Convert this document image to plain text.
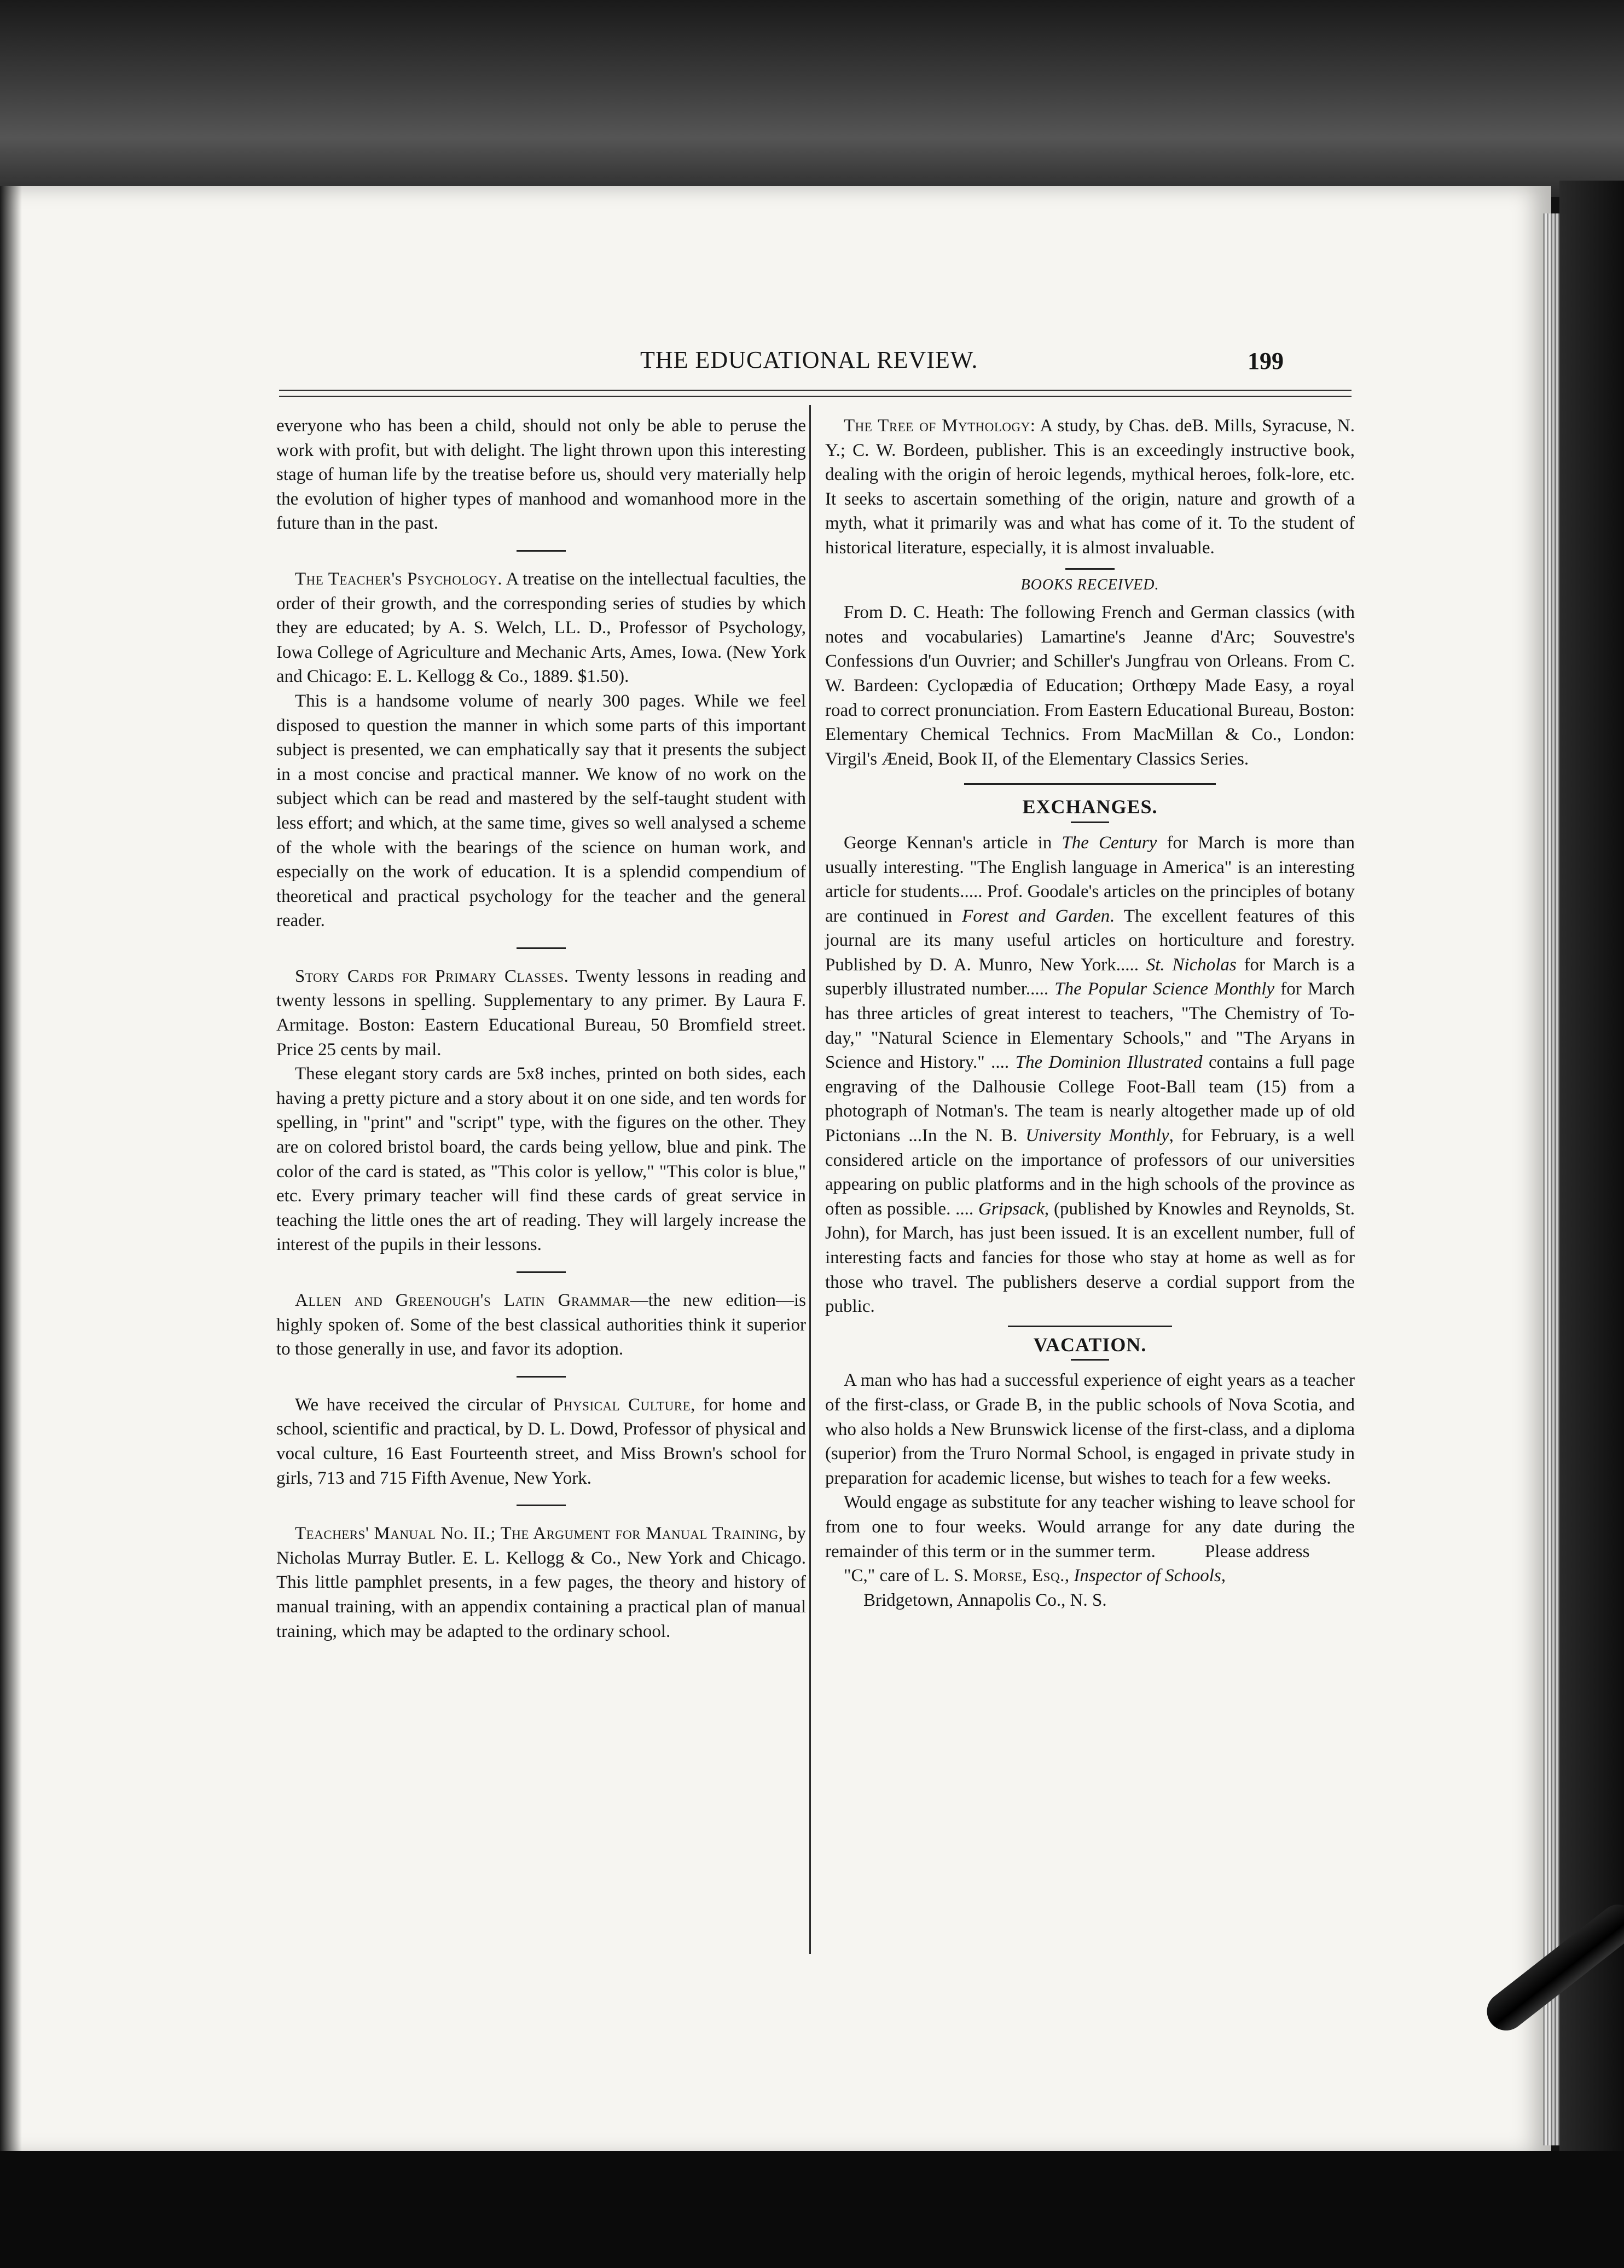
THE EDUCATIONAL REVIEW.	199

everyone who has been a child, should not only be able to peruse the work with profit, but with delight. The light thrown upon this interesting stage of human life by the treatise before us, should very materially help the evolution of higher types of manhood and womanhood more in the future than in the past.

The Teacher's Psychology. A treatise on the intellectual faculties, the order of their growth, and the corresponding series of studies by which they are educated; by A. S. Welch, LL. D., Professor of Psychology, Iowa College of Agriculture and Mechanic Arts, Ames, Iowa. (New York and Chicago: E. L. Kellogg & Co., 1889. $1.50).

This is a handsome volume of nearly 300 pages. While we feel disposed to question the manner in which some parts of this important subject is presented, we can emphatically say that it presents the subject in a most concise and practical manner. We know of no work on the subject which can be read and mastered by the self-taught student with less effort; and which, at the same time, gives so well analysed a scheme of the whole with the bearings of the science on human work, and especially on the work of education. It is a splendid compendium of theoretical and practical psychology for the teacher and the general reader.

Story Cards for Primary Classes. Twenty lessons in reading and twenty lessons in spelling. Supplementary to any primer. By Laura F. Armitage. Boston: Eastern Educational Bureau, 50 Bromfield street. Price 25 cents by mail.

These elegant story cards are 5x8 inches, printed on both sides, each having a pretty picture and a story about it on one side, and ten words for spelling, in "print" and "script" type, with the figures on the other. They are on colored bristol board, the cards being yellow, blue and pink. The color of the card is stated, as "This color is yellow," "This color is blue," etc. Every primary teacher will find these cards of great service in teaching the little ones the art of reading. They will largely increase the interest of the pupils in their lessons.

Allen and Greenough's Latin Grammar—the new edition—is highly spoken of. Some of the best classical authorities think it superior to those generally in use, and favor its adoption.

We have received the circular of Physical Culture, for home and school, scientific and practical, by D. L. Dowd, Professor of physical and vocal culture, 16 East Fourteenth street, and Miss Brown's school for girls, 713 and 715 Fifth Avenue, New York.

Teachers' Manual No. II.; The Argument for Manual Training, by Nicholas Murray Butler. E. L. Kellogg & Co., New York and Chicago. This little pamphlet presents, in a few pages, the theory and history of manual training, with an appendix containing a practical plan of manual training, which may be adapted to the ordinary school.

The Tree of Mythology: A study, by Chas. deB. Mills, Syracuse, N. Y.; C. W. Bordeen, publisher. This is an exceedingly instructive book, dealing with the origin of heroic legends, mythical heroes, folk-lore, etc. It seeks to ascertain something of the origin, nature and growth of a myth, what it primarily was and what has come of it. To the student of historical literature, especially, it is almost invaluable.

BOOKS RECEIVED.

From D. C. Heath: The following French and German classics (with notes and vocabularies) Lamartine's Jeanne d'Arc; Souvestre's Confessions d'un Ouvrier; and Schiller's Jungfrau von Orleans. From C. W. Bardeen: Cyclopædia of Education; Orthœpy Made Easy, a royal road to correct pronunciation. From Eastern Educational Bureau, Boston: Elementary Chemical Technics. From MacMillan & Co., London: Virgil's Æneid, Book II, of the Elementary Classics Series.

EXCHANGES.

George Kennan's article in The Century for March is more than usually interesting. "The English language in America" is an interesting article for students..... Prof. Goodale's articles on the principles of botany are continued in Forest and Garden. The excellent features of this journal are its many useful articles on horticulture and forestry. Published by D. A. Munro, New York..... St. Nicholas for March is a superbly illustrated number..... The Popular Science Monthly for March has three articles of great interest to teachers, "The Chemistry of To-day," "Natural Science in Elementary Schools," and "The Aryans in Science and History." .... The Dominion Illustrated contains a full page engraving of the Dalhousie College Foot-Ball team (15) from a photograph of Notman's. The team is nearly altogether made up of old Pictonians ...In the N. B. University Monthly, for February, is a well considered article on the importance of professors of our universities appearing on public platforms and in the high schools of the province as often as possible. .... Gripsack, (published by Knowles and Reynolds, St. John), for March, has just been issued. It is an excellent number, full of interesting facts and fancies for those who stay at home as well as for those who travel. The publishers deserve a cordial support from the public.

VACATION.

A man who has had a successful experience of eight years as a teacher of the first-class, or Grade B, in the public schools of Nova Scotia, and who also holds a New Brunswick license of the first-class, and a diploma (superior) from the Truro Normal School, is engaged in private study in preparation for academic license, but wishes to teach for a few weeks.

Would engage as substitute for any teacher wishing to leave school for from one to four weeks. Would arrange for any date during the remainder of this term or in the summer term.	Please address

"C," care of L. S. Morse, Esq., Inspector of Schools,

Bridgetown, Annapolis Co., N. S.
